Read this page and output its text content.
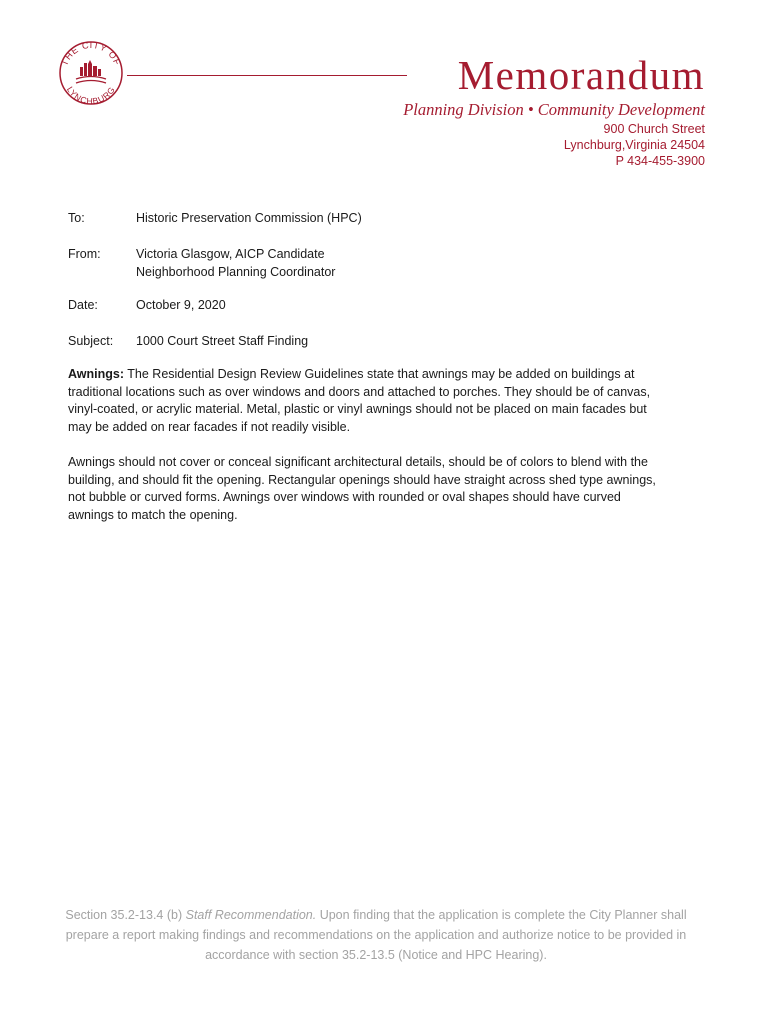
THE CITY OF
LYNCHBURG	Memorandum
Planning Division • Community Development
900 Church Street
Lynchburg,Virginia 24504
P 434-455-3900
To:	Historic Preservation Commission (HPC)
From:	Victoria Glasgow, AICP Candidate
Neighborhood Planning Coordinator
Date:	October 9, 2020
Subject: 1000 Court Street Staff Finding

Awnings: The Residential Design Review Guidelines state that awnings may be added on buildings at traditional locations such as over windows and doors and attached to porches. They should be of canvas, vinyl-coated, or acrylic material. Metal, plastic or vinyl awnings should not be placed on main facades but may be added on rear facades if not readily visible.

Awnings should not cover or conceal significant architectural details, should be of colors to blend with the building, and should fit the opening. Rectangular openings should have straight across shed type awnings, not bubble or curved forms. Awnings over windows with rounded or oval shapes should have curved awnings to match the opening.

Section 35.2-13.4 (b) Staff Recommendation. Upon finding that the application is complete the City Planner shall prepare a report making findings and recommendations on the application and authorize notice to be provided in accordance with section 35.2-13.5 (Notice and HPC Hearing).
